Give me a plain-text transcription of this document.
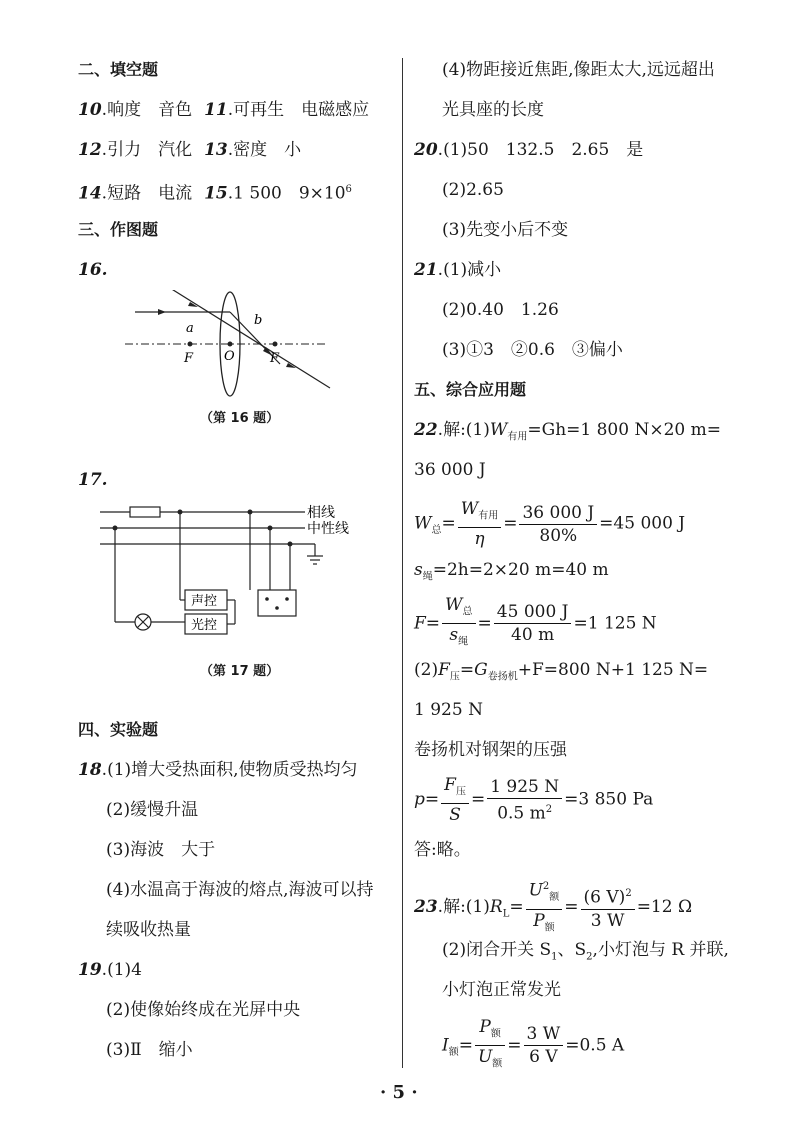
二、填空题
10.响度　音色 11.可再生　电磁感应
12.引力　汽化 13.密度　小
14.短路　电流 15.1 500　$9\times 10^6$
三、作图题
16.
a
b
F O	F
（第 16 题）
17.
声控
光控
相线
中性线
（第 17 题）
四、实验题
18.(1)增大受热面积,使物质受热均匀
(2)缓慢升温
(3)海波　大于
(4)水温高于海波的熔点,海波可以持
续吸收热量
19.(1)4
(2)使像始终成在光屏中央
(3)Ⅱ　缩小
(4)物距接近焦距,像距太大,远远超出
光具座的长度
20.(1)50　132.5　2.65　是
(2)2.65
(3)先变小后不变
21.(1)减小
(2)0.40　1.26
(3)①3　②0.6　③偏小
五、综合应用题
22.解$:(1)W_{有用}=Gh=1$ 800 N×20 m=
36 000 J
$W_总= \frac{W_{有用}}{\eta} = \frac{36 000 J}{80\%} =45$ 000 J
$s_绳=2h=2\times 20$ m=40 m
$F= \frac{W_总}{s_绳} = \frac{45 000 J}{40 m} =1$ 125 N
$(2)F_压=G_{卷扬机}+F=800$ N+1 125 N=
1 925 N
卷扬机对钢架的压强
$p= \frac{F_压}{S} = \frac{1 925 N}{0.5 m^2} =3$ 850 Pa
答:略。
23.解$:(1)R_L= \frac{U^2_额}{P_额} = \frac{(6 V)^2}{3 W} =12$ Ω
(2)闭合开关 $S_1$、$S_2$,小灯泡与 R 并联,
小灯泡正常发光
$I_额= \frac{P_额}{U_额} = \frac{3 W}{6 V} =0.5$ A
· 5 ·
